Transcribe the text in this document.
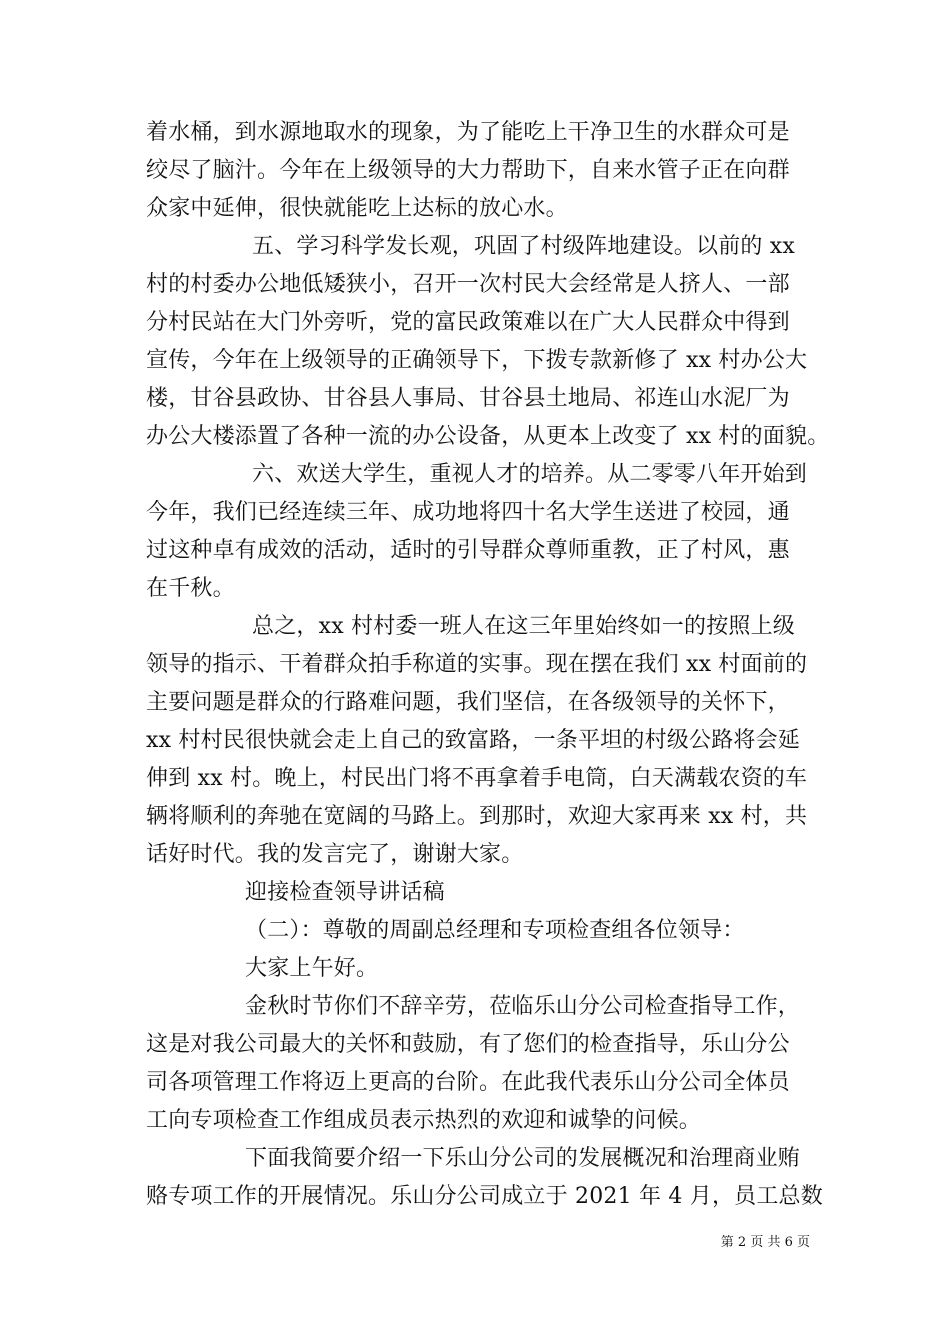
着水桶，到水源地取水的现象，为了能吃上干净卫生的水群众可是
绞尽了脑汁。今年在上级领导的大力帮助下，自来水管子正在向群
众家中延伸，很快就能吃上达标的放心水。
五、学习科学发长观，巩固了村级阵地建设。以前的 xx
村的村委办公地低矮狭小，召开一次村民大会经常是人挤人、一部
分村民站在大门外旁听，党的富民政策难以在广大人民群众中得到
宣传，今年在上级领导的正确领导下，下拨专款新修了 xx 村办公大
楼，甘谷县政协、甘谷县人事局、甘谷县土地局、祁连山水泥厂为
办公大楼添置了各种一流的办公设备，从更本上改变了 xx 村的面貌。
六、欢送大学生，重视人才的培养。从二零零八年开始到
今年，我们已经连续三年、成功地将四十名大学生送进了校园，通
过这种卓有成效的活动，适时的引导群众尊师重教，正了村风，惠
在千秋。
总之，xx 村村委一班人在这三年里始终如一的按照上级
领导的指示、干着群众拍手称道的实事。现在摆在我们 xx 村面前的
主要问题是群众的行路难问题，我们坚信，在各级领导的关怀下，
xx 村村民很快就会走上自己的致富路，一条平坦的村级公路将会延
伸到 xx 村。晚上，村民出门将不再拿着手电筒，白天满载农资的车
辆将顺利的奔驰在宽阔的马路上。到那时，欢迎大家再来 xx 村，共
话好时代。我的发言完了，谢谢大家。
迎接检查领导讲话稿
（二）：尊敬的周副总经理和专项检查组各位领导：
大家上午好。
金秋时节你们不辞辛劳，莅临乐山分公司检查指导工作，
这是对我公司最大的关怀和鼓励，有了您们的检查指导，乐山分公
司各项管理工作将迈上更高的台阶。在此我代表乐山分公司全体员
工向专项检查工作组成员表示热烈的欢迎和诚挚的问候。
下面我简要介绍一下乐山分公司的发展概况和治理商业贿
赂专项工作的开展情况。乐山分公司成立于 2021 年 4 月，员工总数
第 2 页 共 6 页
